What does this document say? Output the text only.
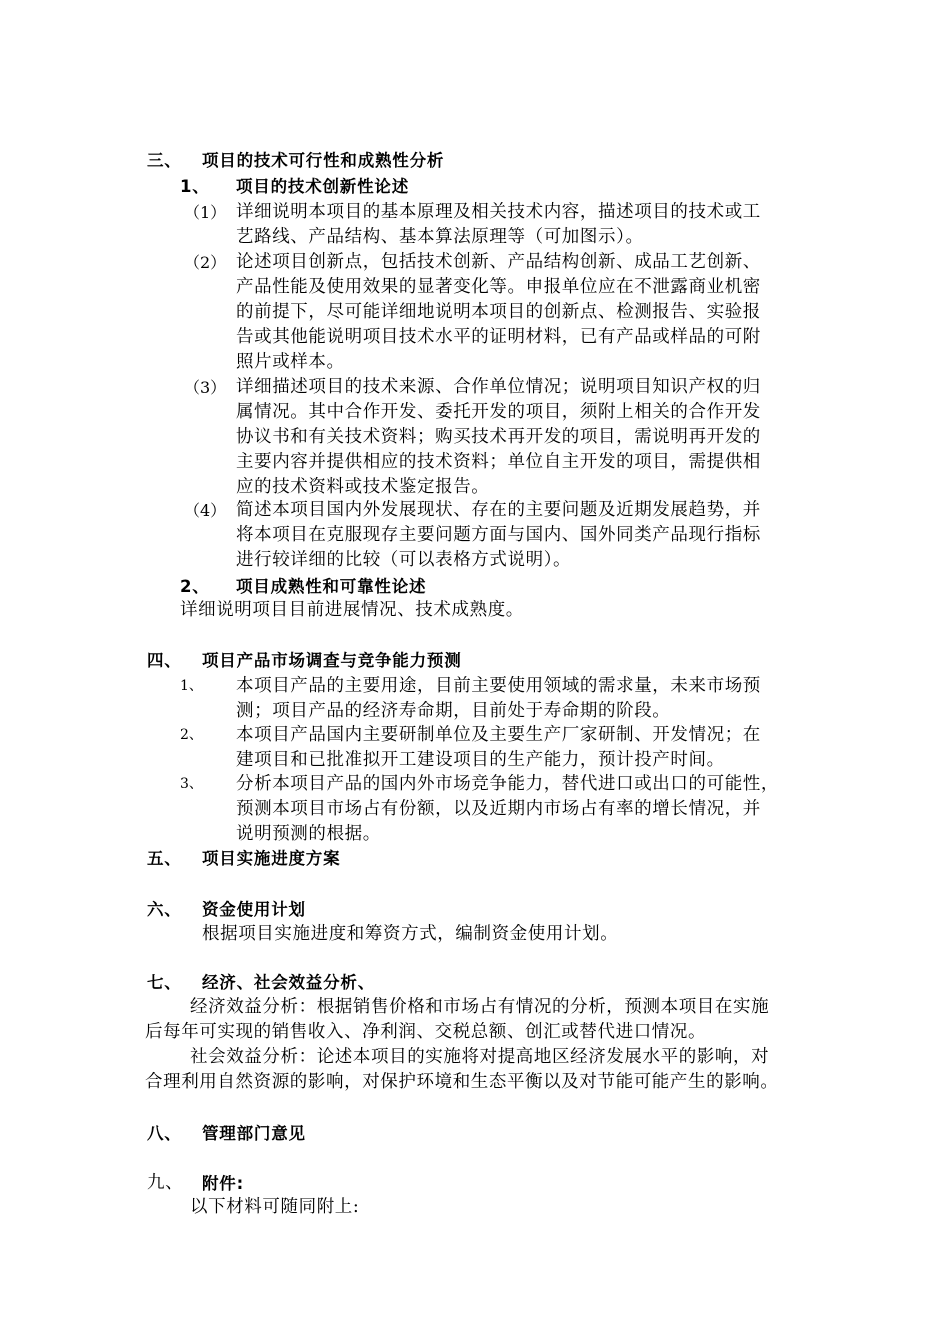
三、 项目的技术可行性和成熟性分析
1、 项目的技术创新性论述
（1） 详细说明本项目的基本原理及相关技术内容，描述项目的技术或工
艺路线、产品结构、基本算法原理等（可加图示）。
（2） 论述项目创新点，包括技术创新、产品结构创新、成品工艺创新、
产品性能及使用效果的显著变化等。申报单位应在不泄露商业机密
的前提下，尽可能详细地说明本项目的创新点、检测报告、实验报
告或其他能说明项目技术水平的证明材料，已有产品或样品的可附
照片或样本。
（3） 详细描述项目的技术来源、合作单位情况；说明项目知识产权的归
属情况。其中合作开发、委托开发的项目，须附上相关的合作开发
协议书和有关技术资料；购买技术再开发的项目，需说明再开发的
主要内容并提供相应的技术资料；单位自主开发的项目，需提供相
应的技术资料或技术鉴定报告。
（4） 简述本项目国内外发展现状、存在的主要问题及近期发展趋势，并
将本项目在克服现存主要问题方面与国内、国外同类产品现行指标
进行较详细的比较（可以表格方式说明）。
2、 项目成熟性和可靠性论述
详细说明项目目前进展情况、技术成熟度。
四、 项目产品市场调查与竞争能力预测
1、 本项目产品的主要用途，目前主要使用领域的需求量，未来市场预
测；项目产品的经济寿命期，目前处于寿命期的阶段。
2、 本项目产品国内主要研制单位及主要生产厂家研制、开发情况；在
建项目和已批准拟开工建设项目的生产能力，预计投产时间。
3、 分析本项目产品的国内外市场竞争能力，替代进口或出口的可能性，
预测本项目市场占有份额，以及近期内市场占有率的增长情况，并
说明预测的根据。
五、 项目实施进度方案
六、 资金使用计划
根据项目实施进度和筹资方式，编制资金使用计划。
七、 经济、社会效益分析、
经济效益分析：根据销售价格和市场占有情况的分析，预测本项目在实施
后每年可实现的销售收入、净利润、交税总额、创汇或替代进口情况。
社会效益分析：论述本项目的实施将对提高地区经济发展水平的影响，对
合理利用自然资源的影响，对保护环境和生态平衡以及对节能可能产生的影响。
八、 管理部门意见
九、 附件:
以下材料可随同附上:
